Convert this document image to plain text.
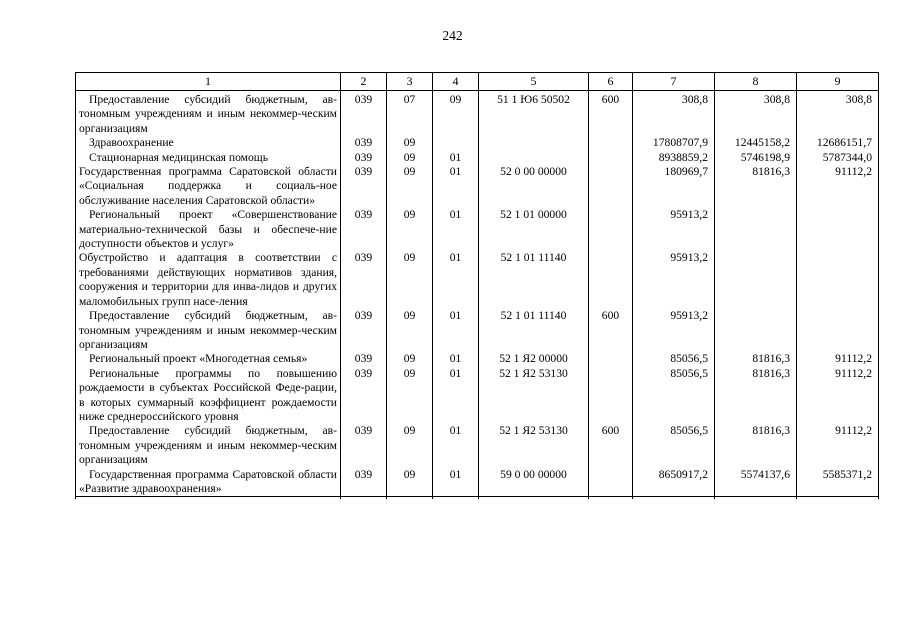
242
1	2	3	4	5	6	7	8	9
Предоставление субсидий бюджетным, ав-тономным учреждениям и иным некоммер-ческим организациям	039	07	09	51 1 Ю6 50502	600	308,8	308,8	308,8
Здравоохранение	039	09				17808707,9	12445158,2	12686151,7
Стационарная медицинская помощь	039	09	01			8938859,2	5746198,9	5787344,0
Государственная программа Саратовской области «Социальная поддержка и социаль-ное обслуживание населения Саратовской области»	039	09	01	52 0 00 00000		180969,7	81816,3	91112,2
Региональный проект «Совершенствование материально-технической базы и обеспече-ние доступности объектов и услуг»	039	09	01	52 1 01 00000		95913,2		
Обустройство и адаптация в соответствии с требованиями действующих нормативов здания, сооружения и территории для инва-лидов и других маломобильных групп насе-ления	039	09	01	52 1 01 11140		95913,2		
Предоставление субсидий бюджетным, ав-тономным учреждениям и иным некоммер-ческим организациям	039	09	01	52 1 01 11140	600	95913,2		
Региональный проект «Многодетная семья»	039	09	01	52 1 Я2 00000		85056,5	81816,3	91112,2
Региональные программы по повышению рождаемости в субъектах Российской Феде-рации, в которых суммарный коэффициент рождаемости ниже среднероссийского уровня	039	09	01	52 1 Я2 53130		85056,5	81816,3	91112,2
Предоставление субсидий бюджетным, ав-тономным учреждениям и иным некоммер-ческим организациям	039	09	01	52 1 Я2 53130	600	85056,5	81816,3	91112,2
Государственная программа Саратовской области «Развитие здравоохранения»	039	09	01	59 0 00 00000		8650917,2	5574137,6	5585371,2
